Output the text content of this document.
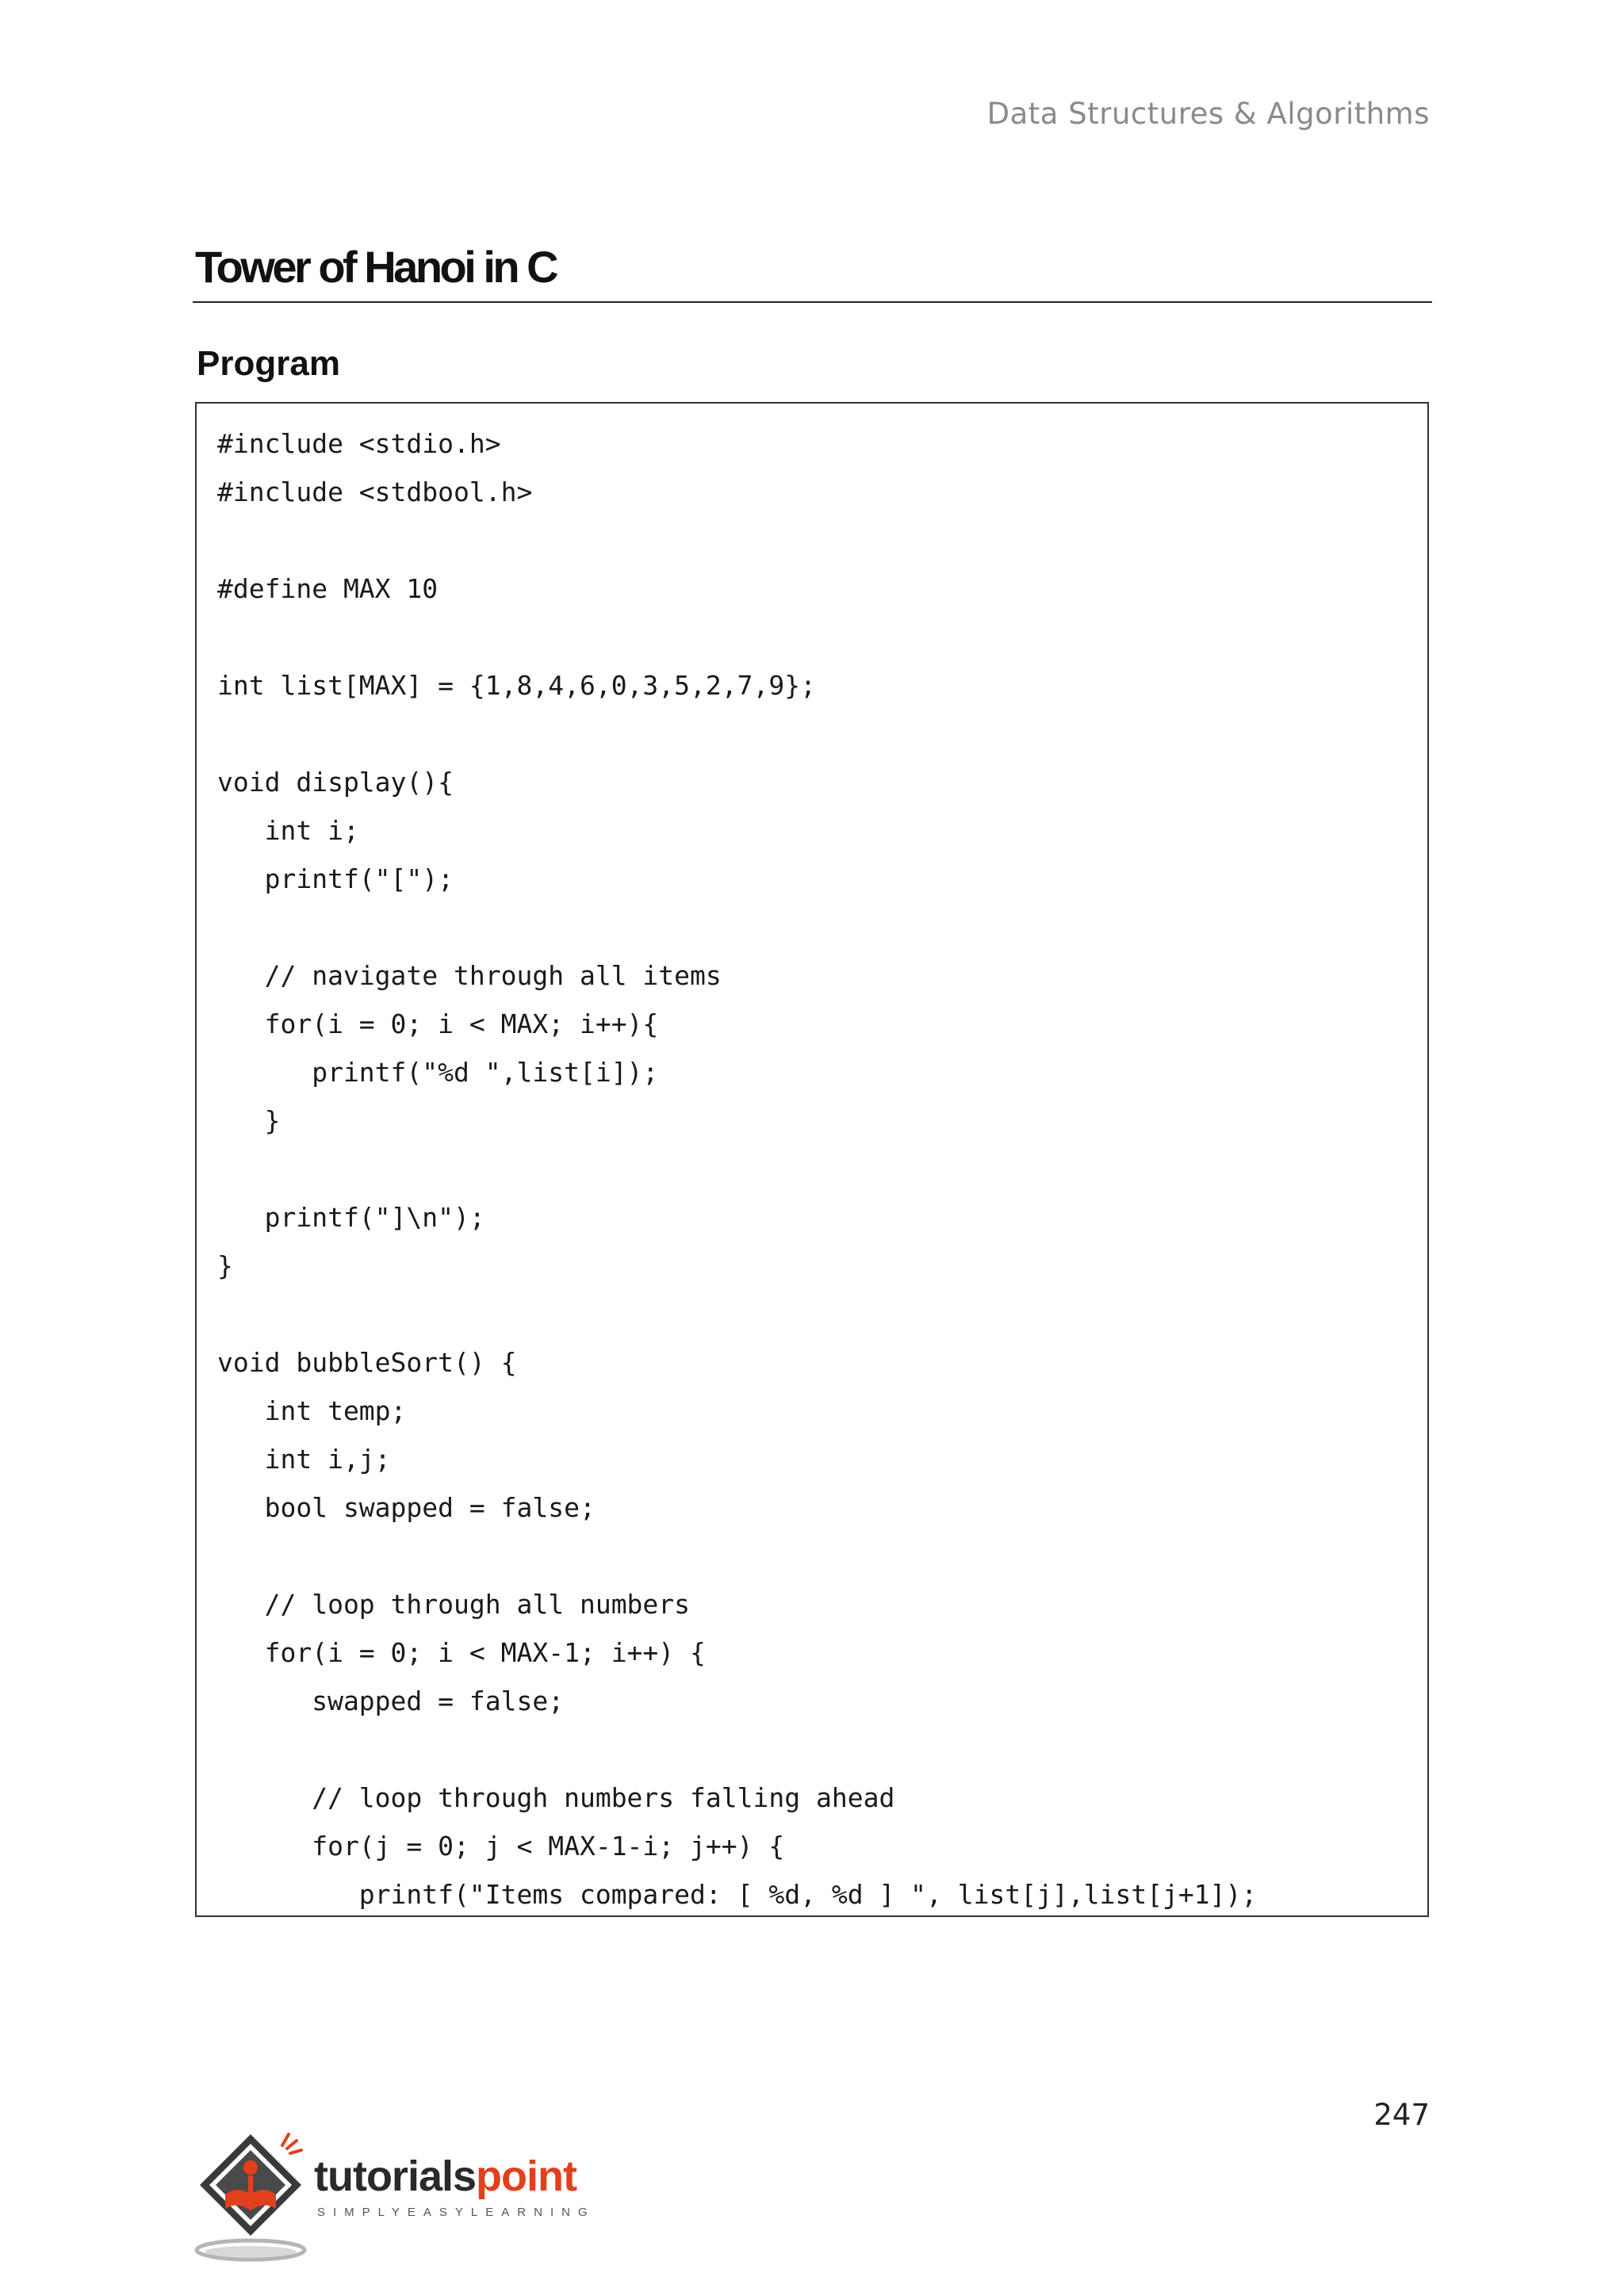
Data Structures & Algorithms
Tower of Hanoi in C
Program
#include <stdio.h>
#include <stdbool.h>
#define MAX 10
int list[MAX] = {1,8,4,6,0,3,5,2,7,9};
void display(){
int i;
printf("[");
// navigate through all items
for(i = 0; i < MAX; i++){
printf("%d ",list[i]);
}
printf("]\n");
}
void bubbleSort() {
int temp;
int i,j;
bool swapped = false;
// loop through all numbers
for(i = 0; i < MAX-1; i++) {
swapped = false;
// loop through numbers falling ahead
for(j = 0; j < MAX-1-i; j++) {
printf("Items compared: [ %d, %d ] ", list[j],list[j+1]);
247
tutorialspoint
SIMPLYEASYLEARNING
